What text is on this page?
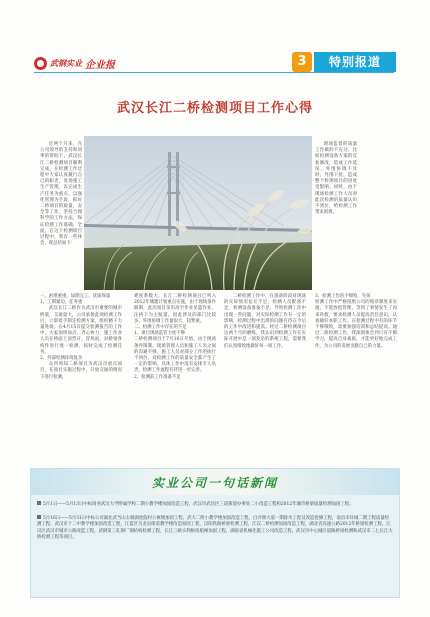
武钢实业 企业报	3	特别报道
武汉长江二桥检测项目工作心得

近两个月来，在公司领导的支持和同事的帮助下，武汉长江二桥检测项目顺利完成，在检测工作过程中大家认真履行自己的职责，发扬施工生产管理，以完成生产任务为重点，以强化管理为手段，抓好二桥项目的质量、安全等工作，坚持合理科学的工作方法，保证检测工作准确、全面。在这个检测项目过程中，我有一些体会，现总结如下：

现场监督的质量工作做的不充分，比如检测设备方案的反复修改，造成工作延误，外围协调不及时，外围干扰，造成整个检测项目的进度受影响。同时，由于现场检测工作人员对此次检测的质量认识不到位，给检测工作带来困难。

一、困难重重，如期完工、优质保量

1、工期紧迫，任务重

武汉长江二桥作为武汉市重要的城市桥梁，交通量大，公司承接此项检测工作后，立即着手制定检测方案，组织精干力量进场。在4月15日提交检测报告的工作中，大家加班加点，齐心协力，施工作业人员在桥面上顶烈日，冒风雨，对桥梁各构件进行逐一检测，按时完成了检测任务。

2、外部检测环境复杂

众所周知二桥项目为武汉市重点项目，在项目实施过程中，开放交通的情况下进行检测，

难度系数大，长江二桥检测项目已列入2012年城建计划重点实施，由于现场条件限制，此次项目采用高空作业吊篮作业，注桥下为主航道，因此涉及的部门比较多，外围协调工作量很大，较繁重。
二、检测工作中存在的不足
1、项目现场监管力度不够
二桥检测项目于7月16日开始，由于现场条件限制，现场管理人员和施工人员之间的沟通不够，施工人员对部分工作的执行不到位，对检测工作的质量安全都产生了一定的影响，具体工作中没有安排专人负责，检测工作流程有待进一步完善。
2、检测前工作准备不足

二桥检测工作中，在准备阶段对现场的实际情况估计不足，检测人员配备不足，检测设备准备不足，导致检测工作中出现一些问题，对实际检测工作有一定的影响，检测过程中出现的问题有待在今后的工作中改进和提高。经过二桥检测项目这两个月的磨练，我认识到检测工作在实际开展中是一项复杂的系统工程，需要我们认真细致地做好每一项工作。

3、检测工作的不细致，失误
检测工作中严格按照公司的规章制度来实施，不能放松管理，等到了事情发生了再来补救，要求检测人员提高责任意识，认真做好本职工作。在检测过程中有的环节不够细致，需要加强培训和总结提高。通过二桥检测工作，我深刻体会到只有不断学习，提高自身素质，才能更好地完成工作，为公司的发展贡献自己的力量。

实业公司一句话新闻
5月1日——5月13日中标商业武汉大学附属学校二期小教学楼加固改造工程，武汉市武昌区三道街道办事处二小改造工程和2012年城市桥梁质量检测加固工程。
5月16日——5月31日中标公司湖北武当山太极湖度假村公寓楼加固工程，武大二附小教学楼加固改造工程，白沙洲大道一期排水工程及改造抢修工程，南昌市环城二期工程质量检测工程，武汉市十二中教学楼加固改造工程，江夏区乌龙泉街道教学楼改造加固工程，汉阳铁路桥梁检测工程，江汉二桥检测加固改造工程，湖北省高速公路2012年桥梁检测工程，江汉区武汉市城市公路改造工程，武钢第三轧钢厂钢结构检测工程，长江三峡水利枢纽船闸加固工程，湖南省机械化施工公司改造工程，武汉市中心城区道路桥梁检测和武汉市二七长江大桥检测工程等项目。
